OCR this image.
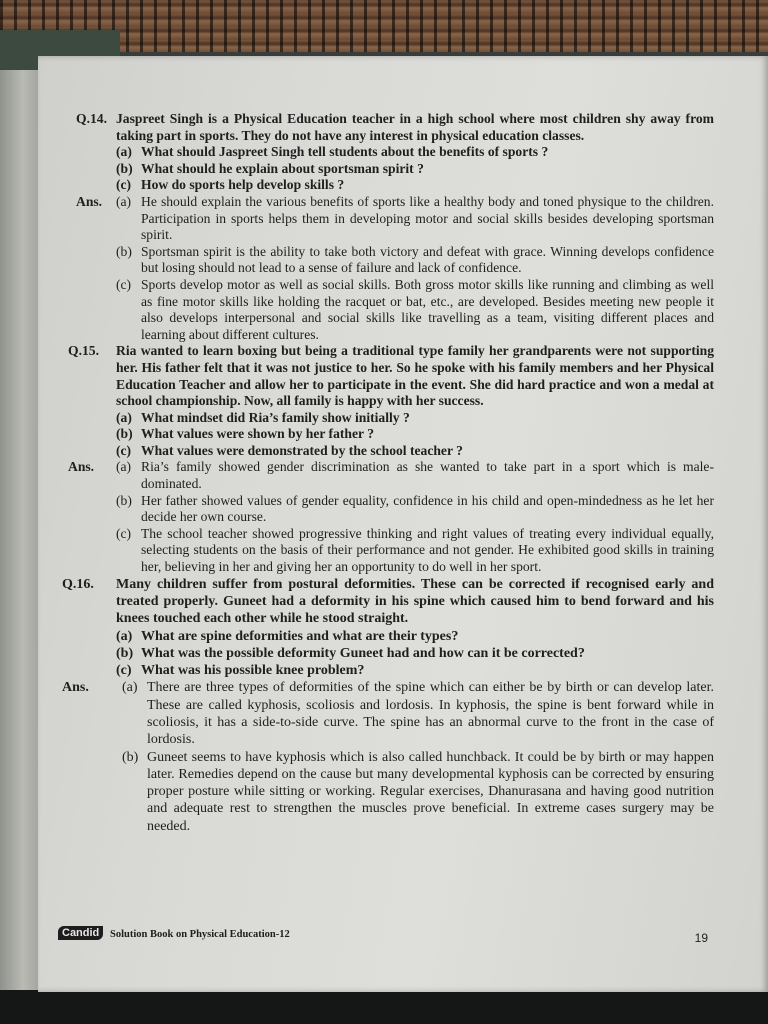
Q.14. Jaspreet Singh is a Physical Education teacher in a high school where most children shy away from taking part in sports. They do not have any interest in physical education classes.
(a) What should Jaspreet Singh tell students about the benefits of sports ?
(b) What should he explain about sportsman spirit ?
(c) How do sports help develop skills ?
Ans. (a) He should explain the various benefits of sports like a healthy body and toned physique to the children. Participation in sports helps them in developing motor and social skills besides developing sportsman spirit.
(b) Sportsman spirit is the ability to take both victory and defeat with grace. Winning develops confidence but losing should not lead to a sense of failure and lack of confidence.
(c) Sports develop motor as well as social skills. Both gross motor skills like running and climbing as well as fine motor skills like holding the racquet or bat, etc., are developed. Besides meeting new people it also develops interpersonal and social skills like travelling as a team, visiting different places and learning about different cultures.
Q.15. Ria wanted to learn boxing but being a traditional type family her grandparents were not supporting her. His father felt that it was not justice to her. So he spoke with his family members and her Physical Education Teacher and allow her to participate in the event. She did hard practice and won a medal at school championship. Now, all family is happy with her success.
(a) What mindset did Ria’s family show initially ?
(b) What values were shown by her father ?
(c) What values were demonstrated by the school teacher ?
Ans. (a) Ria’s family showed gender discrimination as she wanted to take part in a sport which is male-dominated.
(b) Her father showed values of gender equality, confidence in his child and open-mindedness as he let her decide her own course.
(c) The school teacher showed progressive thinking and right values of treating every individual equally, selecting students on the basis of their performance and not gender. He exhibited good skills in training her, believing in her and giving her an opportunity to do well in her sport.
Q.16. Many children suffer from postural deformities. These can be corrected if recognised early and treated properly. Guneet had a deformity in his spine which caused him to bend forward and his knees touched each other while he stood straight.
(a) What are spine deformities and what are their types?
(b) What was the possible deformity Guneet had and how can it be corrected?
(c) What was his possible knee problem?
Ans. (a) There are three types of deformities of the spine which can either be by birth or can develop later. These are called kyphosis, scoliosis and lordosis. In kyphosis, the spine is bent forward while in scoliosis, it has a side-to-side curve. The spine has an abnormal curve to the front in the case of lordosis.
(b) Guneet seems to have kyphosis which is also called hunchback. It could be by birth or may happen later. Remedies depend on the cause but many developmental kyphosis can be corrected by ensuring proper posture while sitting or working. Regular exercises, Dhanurasana and having good nutrition and adequate rest to strengthen the muscles prove beneficial. In extreme cases surgery may be needed.
Candid	Solution Book on Physical Education-12	19
